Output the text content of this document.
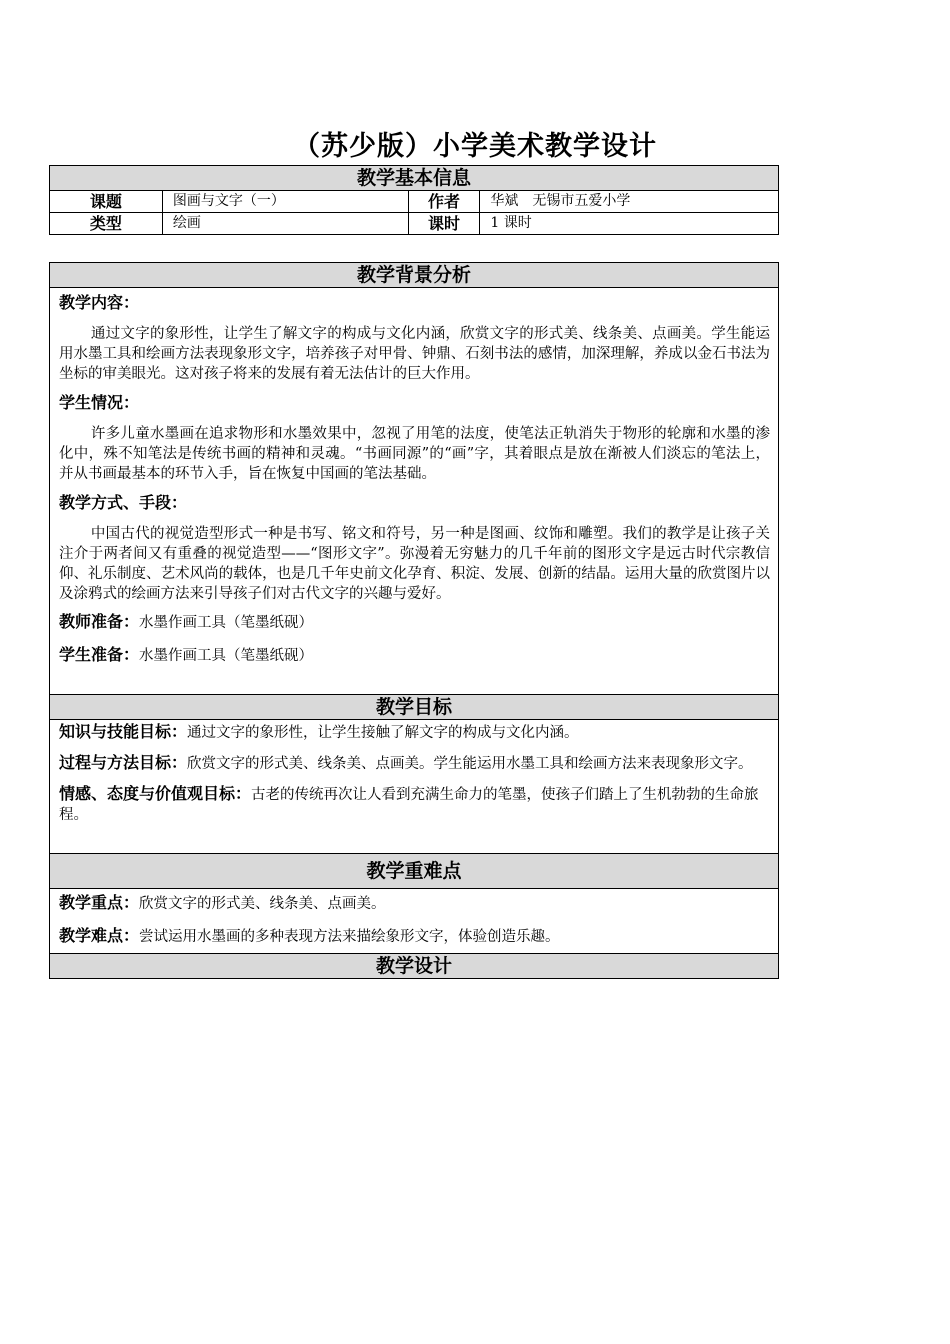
（苏少版）小学美术教学设计
教学基本信息			
课题	图画与文字（一）	作者	华斌　无锡市五爱小学
类型	绘画	课时	1 课时
教学背景分析

教学内容：

通过文字的象形性，让学生了解文字的构成与文化内涵，欣赏文字的形式美、线条美、点画美。学生能运用水墨工具和绘画方法表现象形文字，培养孩子对甲骨、钟鼎、石刻书法的感情，加深理解，养成以金石书法为坐标的审美眼光。这对孩子将来的发展有着无法估计的巨大作用。

学生情况：

许多儿童水墨画在追求物形和水墨效果中，忽视了用笔的法度，使笔法正轨消失于物形的轮廓和水墨的渗化中，殊不知笔法是传统书画的精神和灵魂。“书画同源”的“画”字，其着眼点是放在渐被人们淡忘的笔法上，并从书画最基本的环节入手，旨在恢复中国画的笔法基础。

教学方式、手段：

中国古代的视觉造型形式一种是书写、铭文和符号，另一种是图画、纹饰和雕塑。我们的教学是让孩子关注介于两者间又有重叠的视觉造型——“图形文字”。弥漫着无穷魅力的几千年前的图形文字是远古时代宗教信仰、礼乐制度、艺术风尚的载体，也是几千年史前文化孕育、积淀、发展、创新的结晶。运用大量的欣赏图片以及涂鸦式的绘画方法来引导孩子们对古代文字的兴趣与爱好。

教师准备：水墨作画工具（笔墨纸砚）

学生准备：水墨作画工具（笔墨纸砚）

教学目标

知识与技能目标：通过文字的象形性，让学生接触了解文字的构成与文化内涵。

过程与方法目标：欣赏文字的形式美、线条美、点画美。学生能运用水墨工具和绘画方法来表现象形文字。

情感、态度与价值观目标：古老的传统再次让人看到充满生命力的笔墨，使孩子们踏上了生机勃勃的生命旅程。

教学重难点

教学重点：欣赏文字的形式美、线条美、点画美。

教学难点：尝试运用水墨画的多种表现方法来描绘象形文字，体验创造乐趣。

教学设计
